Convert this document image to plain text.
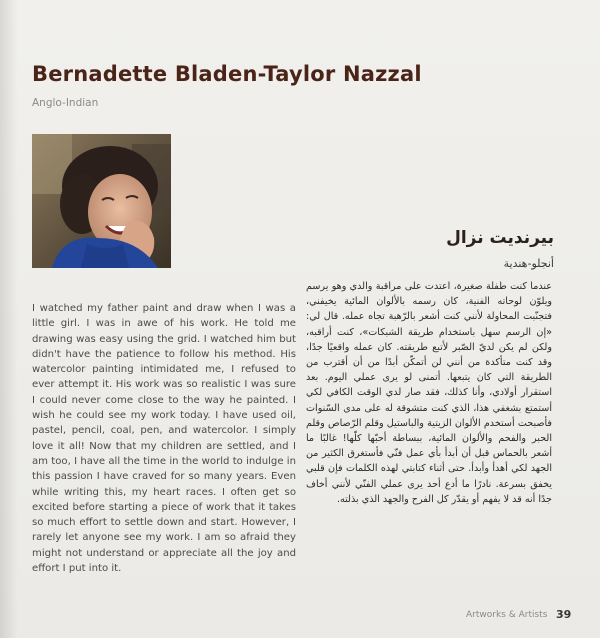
Bernadette Bladen-Taylor Nazzal
Anglo-Indian
بيرنديت نزال
أنجلو-هندية
I watched my father paint and draw when I was a little girl. I was in awe of his work. He told me drawing was easy using the grid. I watched him but didn't have the patience to follow his method. His watercolor painting intimidated me, I refused to ever attempt it. His work was so realistic I was sure I could never come close to the way he painted. I wish he could see my work today. I have used oil, pastel, pencil, coal, pen, and watercolor. I simply love it all! Now that my children are settled, and I am too, I have all the time in the world to indulge in this passion I have craved for so many years. Even while writing this, my heart races. I often get so excited before starting a piece of work that it takes so much effort to settle down and start. However, I rarely let anyone see my work. I am so afraid they might not understand or appreciate all the joy and effort I put into it.
عندما كنت طفلة صغيرة، اعتدت على مراقبة والدي وهو يرسم ويلوّن لوحاته الفنية، كان رسمه بالألوان المائية يخيفني، فتجنّبت المحاولة لأنني كنت أشعر بالرّهبة تجاه عمله. قال لي: «إن الرسم سهل باستخدام طريقة الشبكات»، كنت أراقبه، ولكن لم يكن لديّ الصّبر لأتبع طريقته. كان عمله واقعيًا جدًا، وقد كنت متأكدة من أنني لن أتمكّن أبدًا من أن أقترب من الطريقة التي كان يتبعها. أتمنى لو يرى عملي اليوم. بعد استقرار أولادي، وأنا كذلك، فقد صار لدي الوقت الكافي لكي أستمتع بشغفي هذا، الذي كنت متشوقة له على مدى السّنوات فأصبحت أستخدم الألوان الزيتية والباستيل وقلم الرّصاص وقلم الحبر والفحم والألوان المائية، ببساطة أحبّها كلّها! غالبًا ما أشعر بالحماس قبل أن أبدأ بأي عمل فنّي فأستغرق الكثير من الجهد لكي أهدأ وأبدأ. حتى أثناء كتابتي لهذه الكلمات فإن قلبي يخفق بسرعة. نادرًا ما أدع أحد يرى عملي الفنّي لأنني أخاف جدًا أنه قد لا يفهم أو يقدّر كل الفرح والجهد الذي بذلته.
Artworks & Artists 39
